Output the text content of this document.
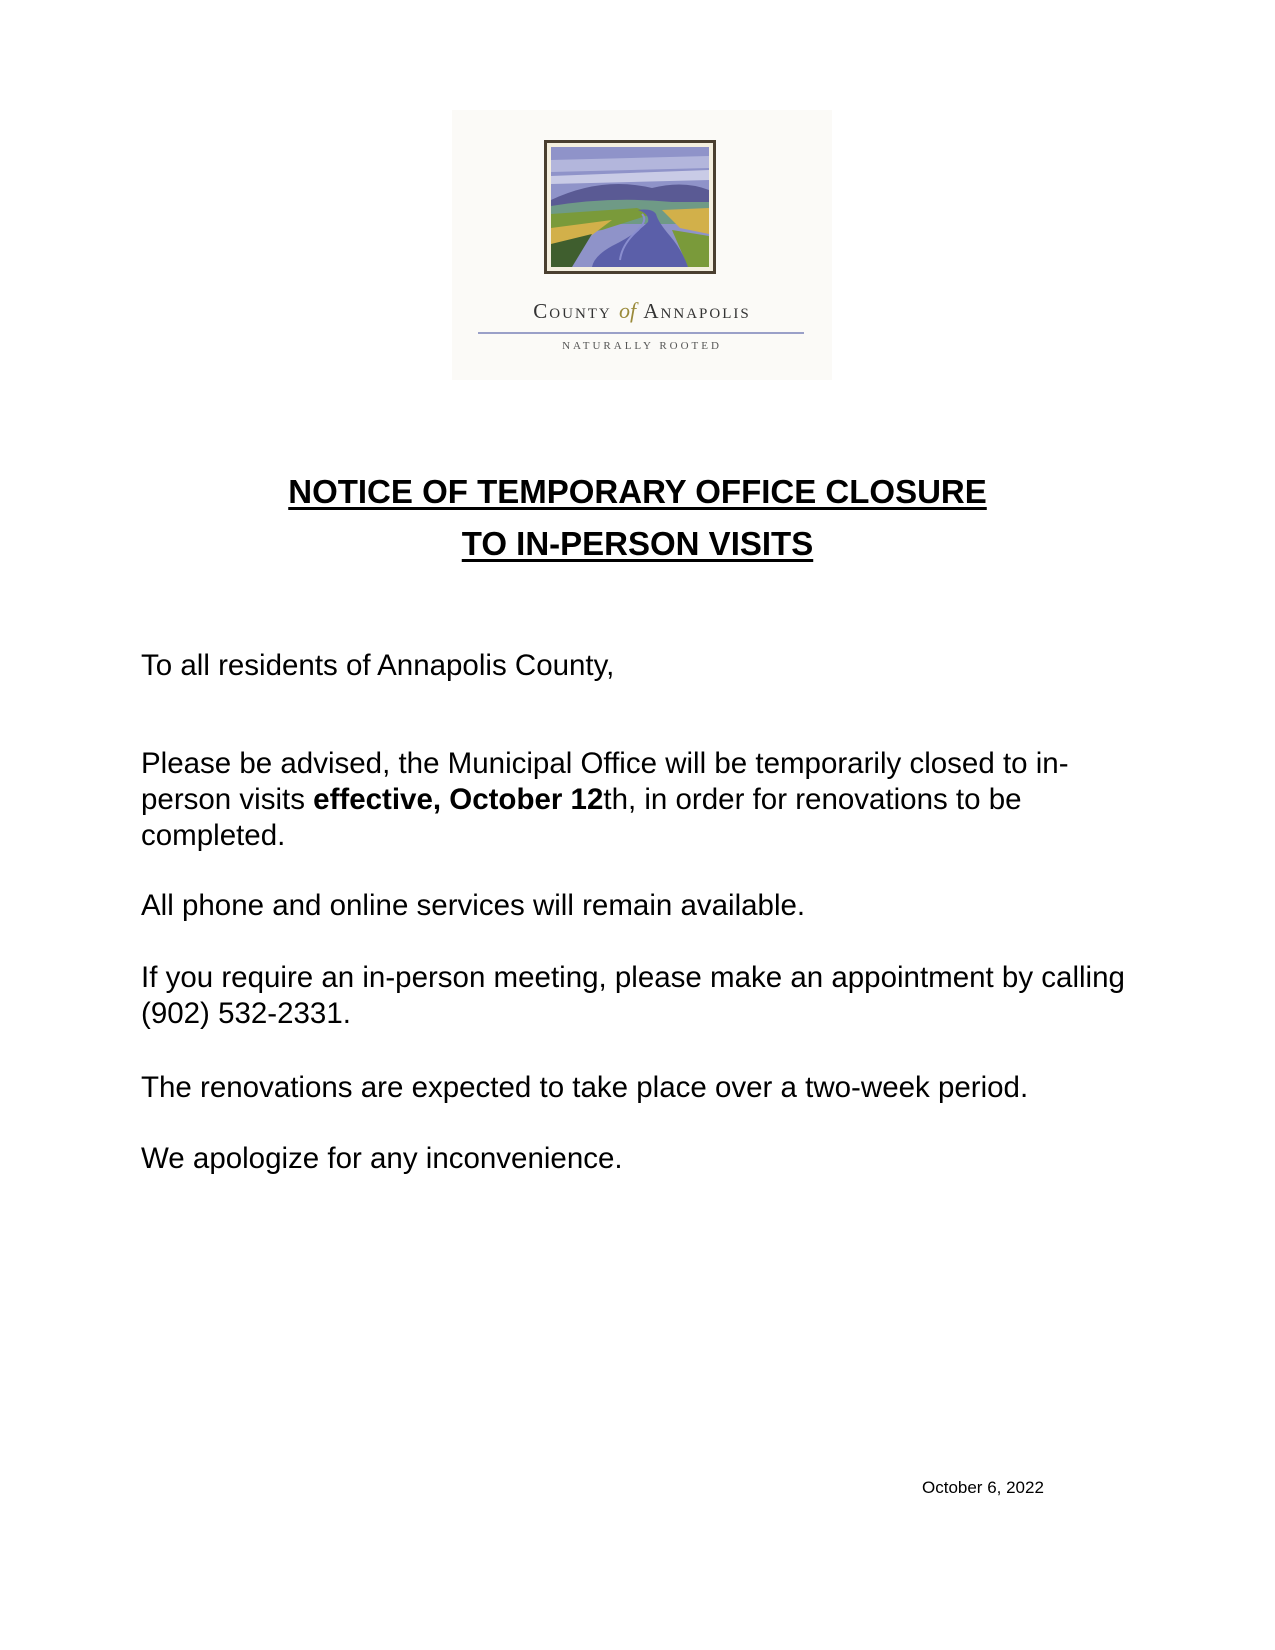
County of Annapolis
NATURALLY ROOTED
NOTICE OF TEMPORARY OFFICE CLOSURE
TO IN-PERSON VISITS

To all residents of Annapolis County,

Please be advised, the Municipal Office will be temporarily closed to in-person visits effective, October 12th, in order for renovations to be completed.

All phone and online services will remain available.

If you require an in-person meeting, please make an appointment by calling (902) 532-2331.

The renovations are expected to take place over a two-week period.

We apologize for any inconvenience.

October 6, 2022
